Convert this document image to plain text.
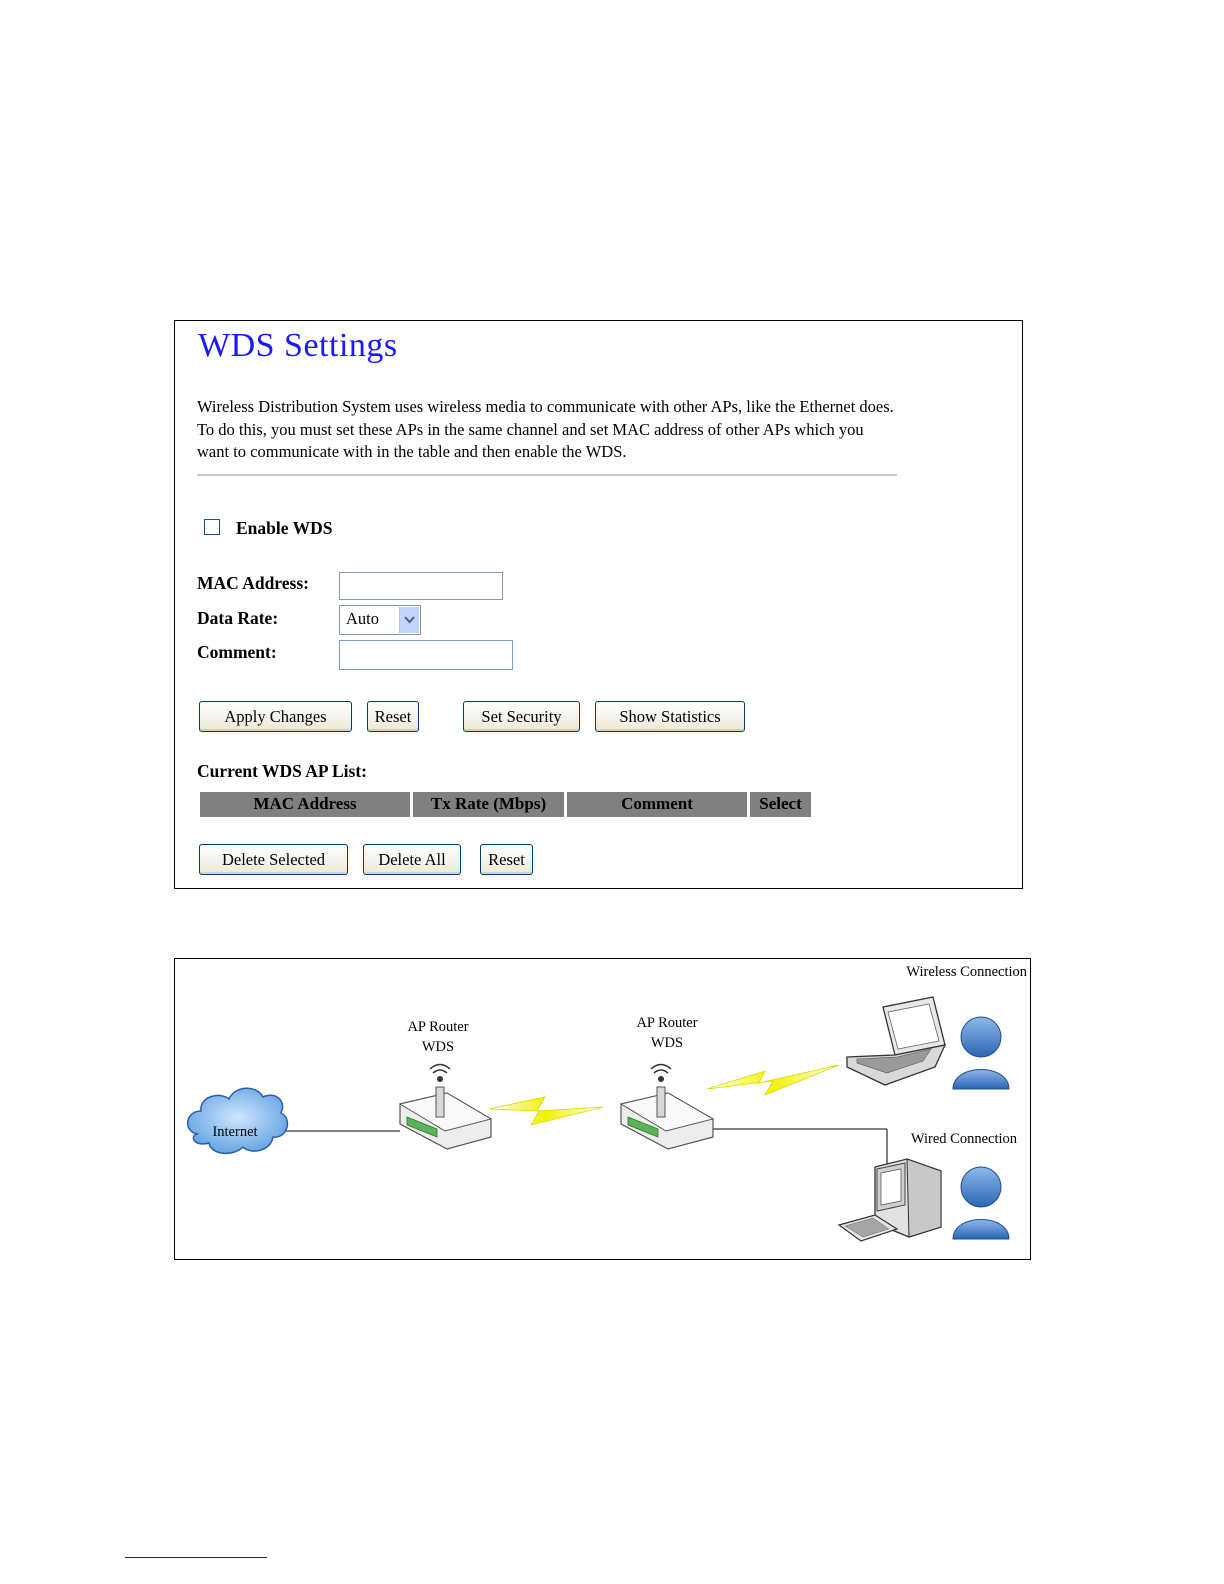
WDS Settings
Wireless Distribution System uses wireless media to communicate with other APs, like the Ethernet does. To do this, you must set these APs in the same channel and set MAC address of other APs which you want to communicate with in the table and then enable the WDS.
Enable WDS
MAC Address:
Data Rate:	Auto
Comment:
Apply Changes	Reset	Set Security	Show Statistics
Current WDS AP List:
MAC Address	Tx Rate (Mbps)	Comment	Select
Delete Selected	Delete All	Reset
Internet
AP Router
WDS
AP Router
WDS
Wireless Connection
Wired Connection
